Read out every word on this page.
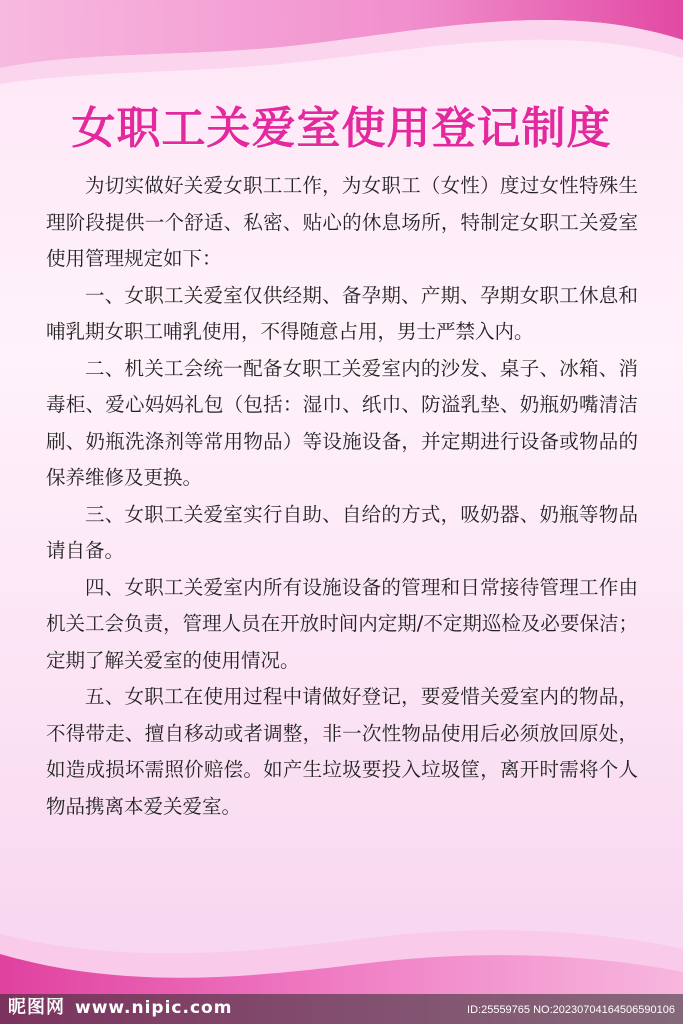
女职工关爱室使用登记制度

为切实做好关爱女职工工作，为女职工（女性）度过女性特殊生理阶段提供一个舒适、私密、贴心的休息场所，特制定女职工关爱室使用管理规定如下：

一、女职工关爱室仅供经期、备孕期、产期、孕期女职工休息和哺乳期女职工哺乳使用，不得随意占用，男士严禁入内。

二、机关工会统一配备女职工关爱室内的沙发、桌子、冰箱、消毒柜、爱心妈妈礼包（包括：湿巾、纸巾、防溢乳垫、奶瓶奶嘴清洁刷、奶瓶洗涤剂等常用物品）等设施设备，并定期进行设备或物品的保养维修及更换。

三、女职工关爱室实行自助、自给的方式，吸奶器、奶瓶等物品请自备。

四、女职工关爱室内所有设施设备的管理和日常接待管理工作由机关工会负责，管理人员在开放时间内定期/不定期巡检及必要保洁；定期了解关爱室的使用情况。

五、女职工在使用过程中请做好登记，要爱惜关爱室内的物品，不得带走、擅自移动或者调整，非一次性物品使用后必须放回原处，如造成损坏需照价赔偿。如产生垃圾要投入垃圾筐，离开时需将个人物品携离本爱关爱室。

昵图网 www.nipic.com	ID:25559765 NO:20230704164506590106
